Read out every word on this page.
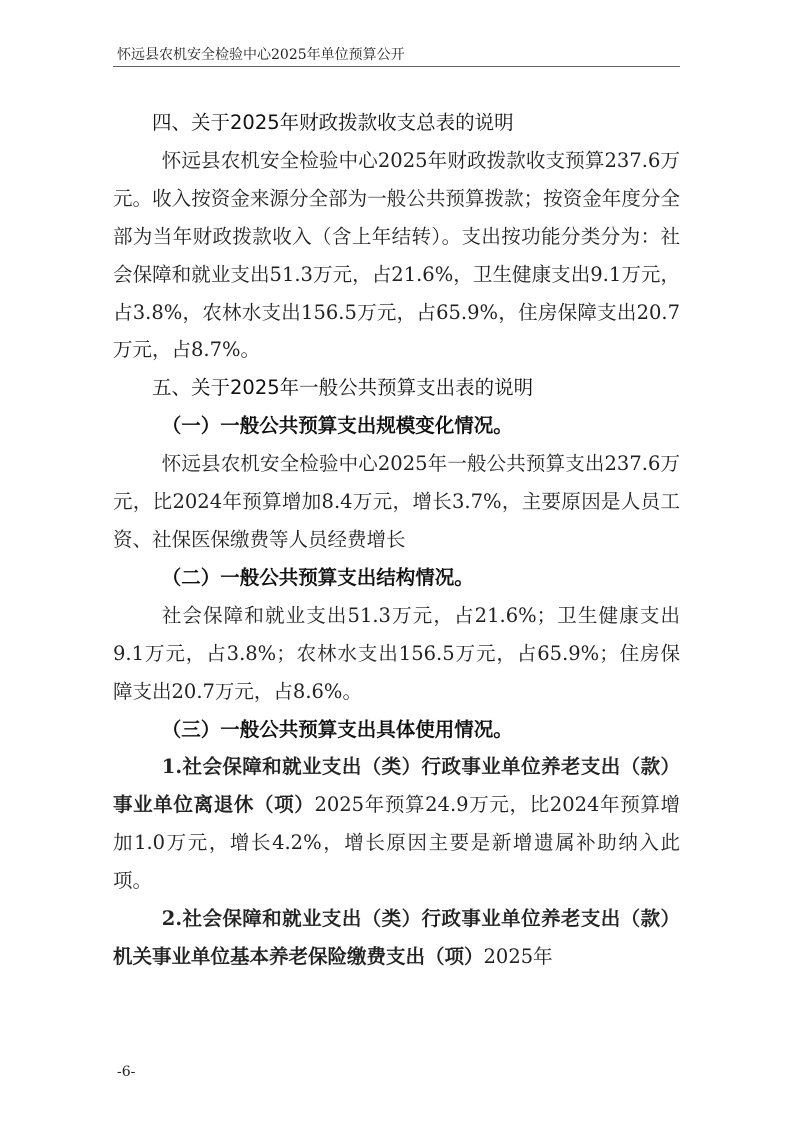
怀远县农机安全检验中心2025年单位预算公开

四、关于2025年财政拨款收支总表的说明

怀远县农机安全检验中心2025年财政拨款收支预算237.6万元。收入按资金来源分全部为一般公共预算拨款；按资金年度分全部为当年财政拨款收入（含上年结转）。支出按功能分类分为：社会保障和就业支出51.3万元，占21.6%，卫生健康支出9.1万元，占3.8%，农林水支出156.5万元，占65.9%，住房保障支出20.7万元，占8.7%。

五、关于2025年一般公共预算支出表的说明

（一）一般公共预算支出规模变化情况。

怀远县农机安全检验中心2025年一般公共预算支出237.6万元，比2024年预算增加8.4万元，增长3.7%，主要原因是人员工资、社保医保缴费等人员经费增长

（二）一般公共预算支出结构情况。

社会保障和就业支出51.3万元，占21.6%；卫生健康支出9.1万元，占3.8%；农林水支出156.5万元，占65.9%；住房保障支出20.7万元，占8.6%。

（三）一般公共预算支出具体使用情况。

1.社会保障和就业支出（类）行政事业单位养老支出（款）事业单位离退休（项）2025年预算24.9万元，比2024年预算增加1.0万元，增长4.2%，增长原因主要是新增遗属补助纳入此项。

2.社会保障和就业支出（类）行政事业单位养老支出（款）机关事业单位基本养老保险缴费支出（项）2025年

-6-
